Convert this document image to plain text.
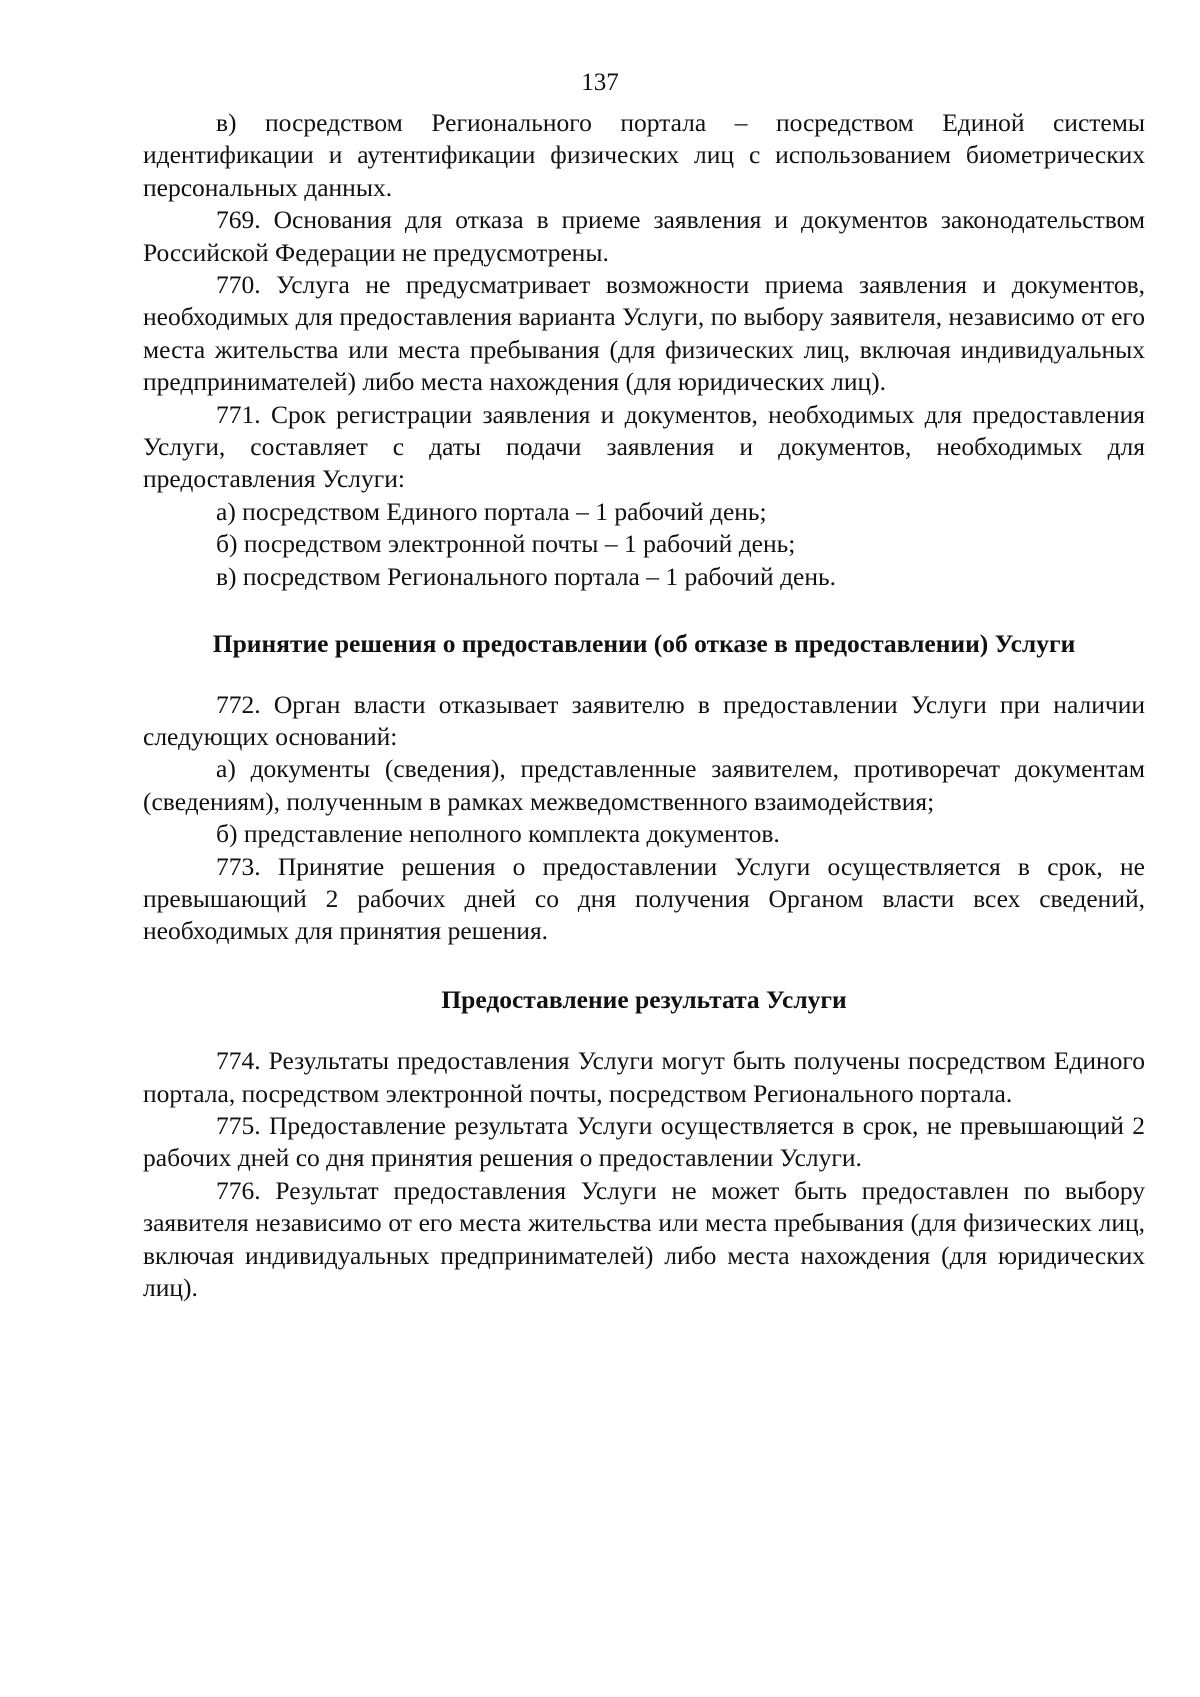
137

в) посредством Регионального портала – посредством Единой системы идентификации и аутентификации физических лиц с использованием биометрических персональных данных.

769. Основания для отказа в приеме заявления и документов законодательством Российской Федерации не предусмотрены.

770. Услуга не предусматривает возможности приема заявления и документов, необходимых для предоставления варианта Услуги, по выбору заявителя, независимо от его места жительства или места пребывания (для физических лиц, включая индивидуальных предпринимателей) либо места нахождения (для юридических лиц).

771. Срок регистрации заявления и документов, необходимых для предоставления Услуги, составляет с даты подачи заявления и документов, необходимых для предоставления Услуги:

а) посредством Единого портала – 1 рабочий день;

б) посредством электронной почты – 1 рабочий день;

в) посредством Регионального портала – 1 рабочий день.

Принятие решения о предоставлении (об отказе в предоставлении) Услуги

772. Орган власти отказывает заявителю в предоставлении Услуги при наличии следующих оснований:

а) документы (сведения), представленные заявителем, противоречат документам (сведениям), полученным в рамках межведомственного взаимодействия;

б) представление неполного комплекта документов.

773. Принятие решения о предоставлении Услуги осуществляется в срок, не превышающий 2 рабочих дней со дня получения Органом власти всех сведений, необходимых для принятия решения.

Предоставление результата Услуги

774. Результаты предоставления Услуги могут быть получены посредством Единого портала, посредством электронной почты, посредством Регионального портала.

775. Предоставление результата Услуги осуществляется в срок, не превышающий 2 рабочих дней со дня принятия решения о предоставлении Услуги.

776. Результат предоставления Услуги не может быть предоставлен по выбору заявителя независимо от его места жительства или места пребывания (для физических лиц, включая индивидуальных предпринимателей) либо места нахождения (для юридических лиц).
